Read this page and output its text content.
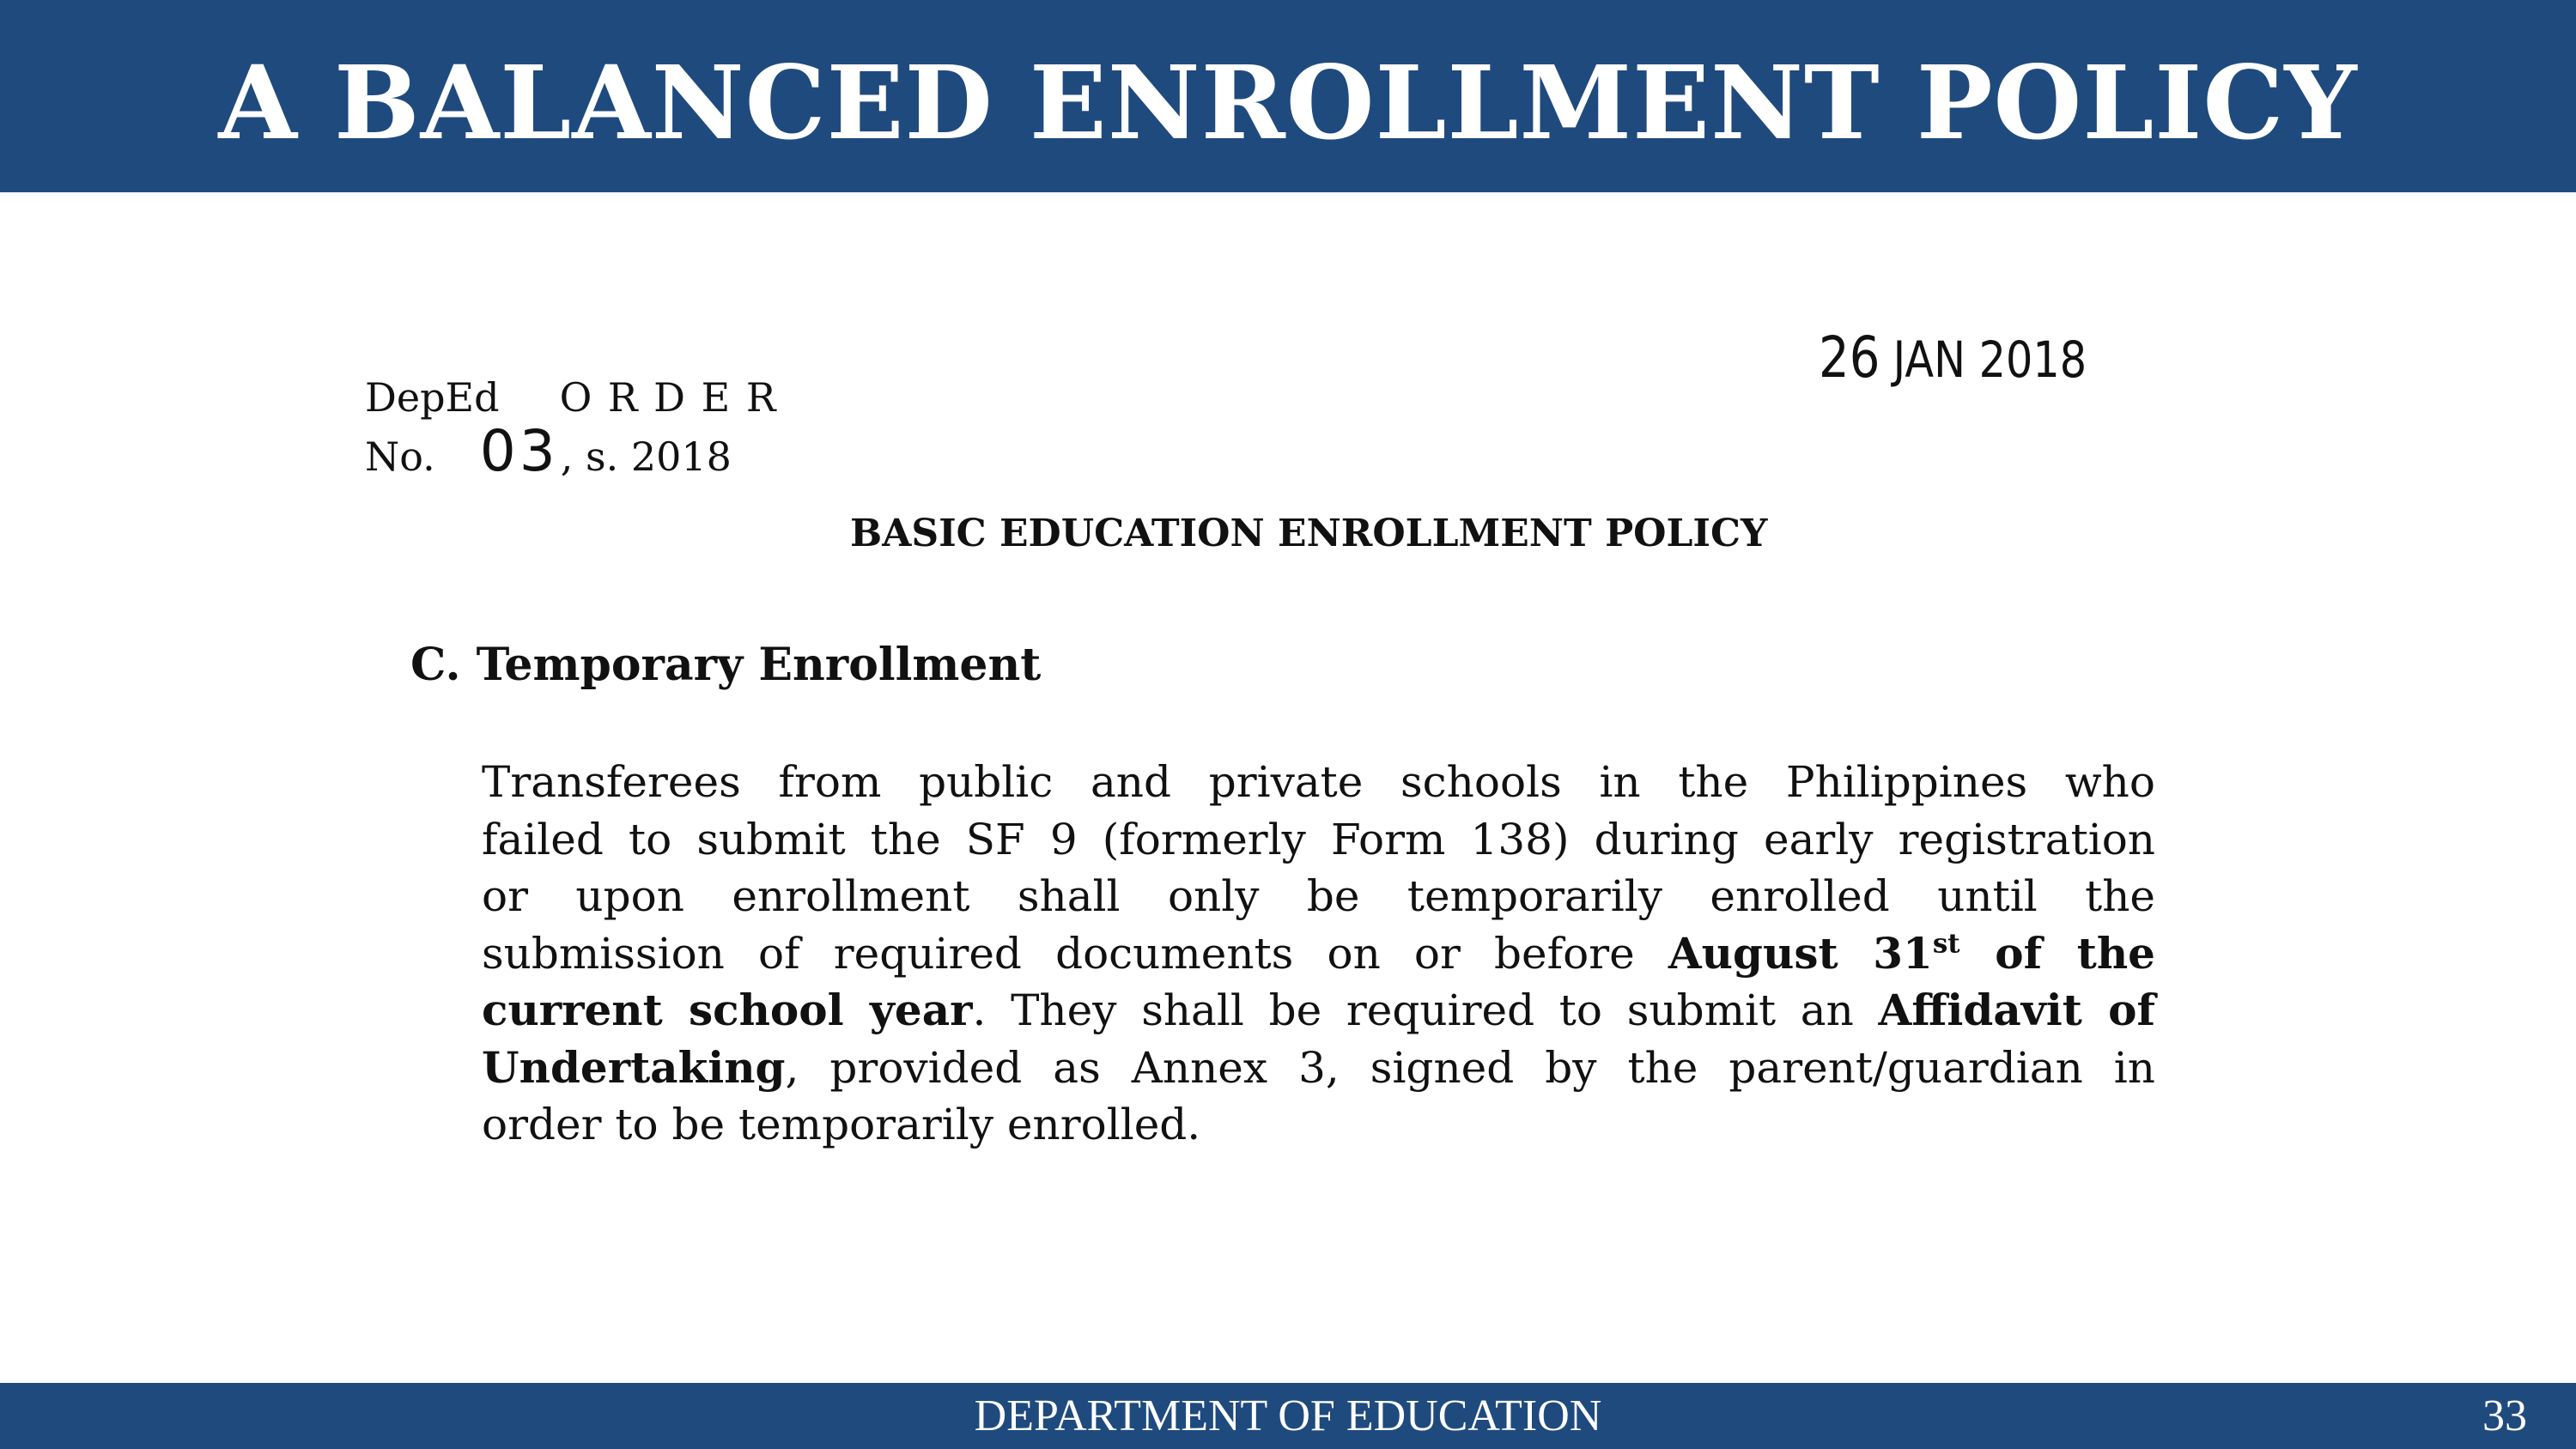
A BALANCED ENROLLMENT POLICY
DepEd O R D E R
No. 03, s. 2018
26 JAN 2018
BASIC EDUCATION ENROLLMENT POLICY
C. Temporary Enrollment
Transferees from public and private schools in the Philippines who
failed to submit the SF 9 (formerly Form 138) during early registration
or upon enrollment shall only be temporarily enrolled until the
submission of required documents on or before August 31st of the
current school year. They shall be required to submit an Affidavit of
Undertaking, provided as Annex 3, signed by the parent/guardian in
order to be temporarily enrolled.
DEPARTMENT OF EDUCATION	33
